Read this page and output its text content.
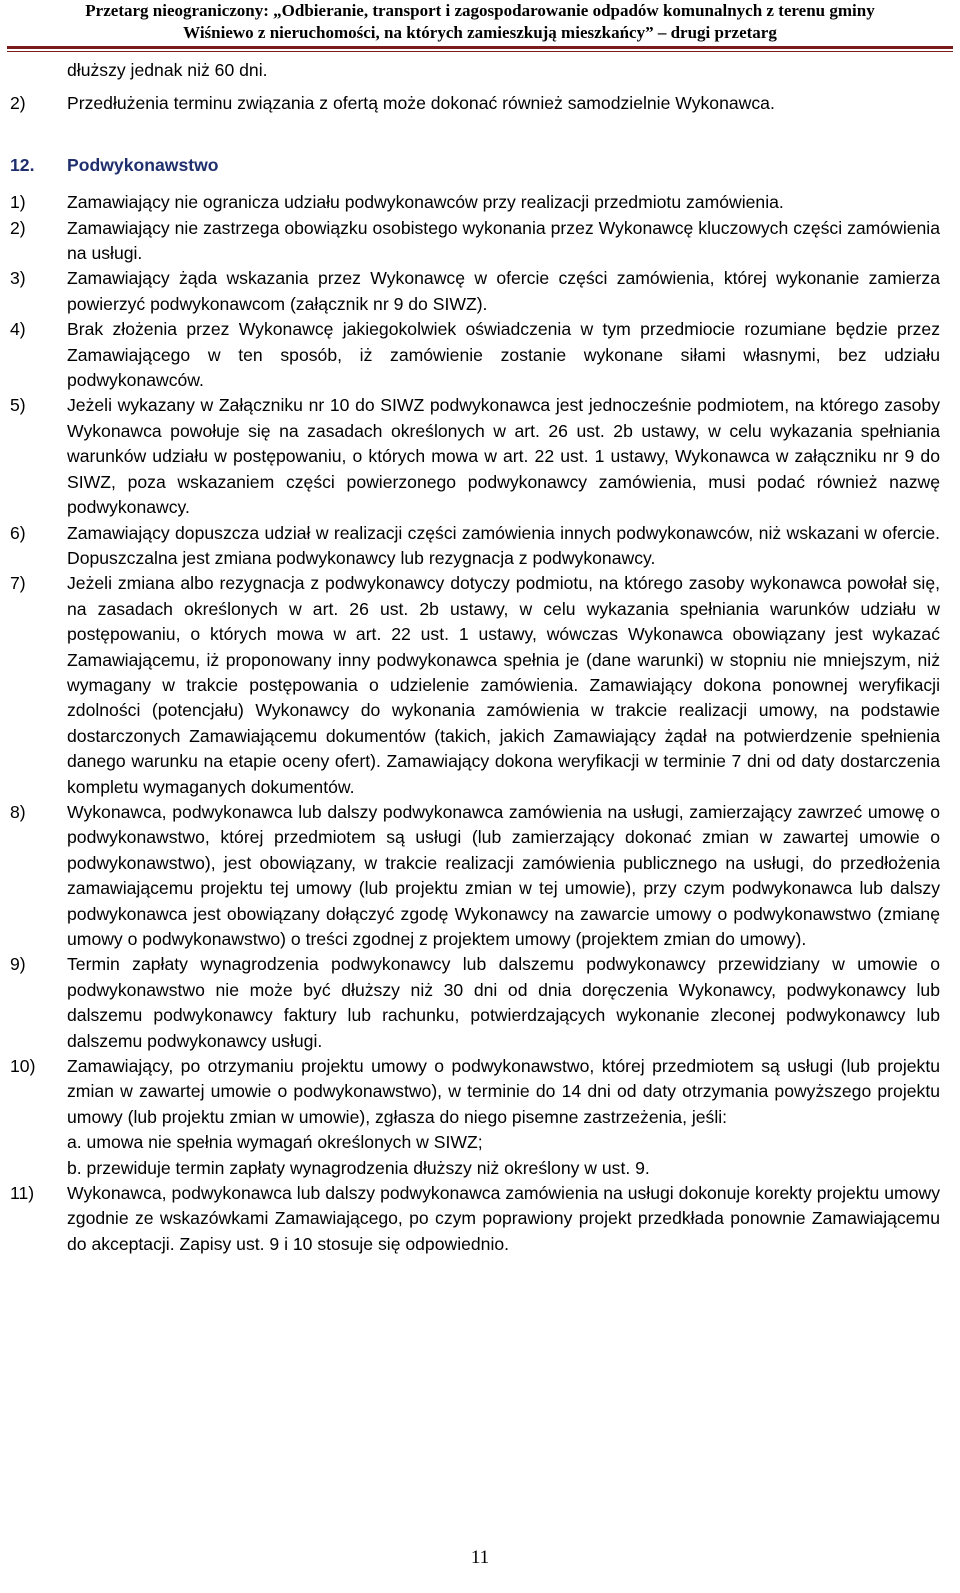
Przetarg nieograniczony: „Odbieranie, transport i zagospodarowanie odpadów komunalnych z terenu gminy
Wiśniewo z nieruchomości, na których zamieszkują mieszkańcy” – drugi przetarg

dłuższy jednak niż 60 dni.

2) Przedłużenia terminu związania z ofertą może dokonać również samodzielnie Wykonawca.

12. Podwykonawstwo

1) Zamawiający nie ogranicza udziału podwykonawców przy realizacji przedmiotu zamówienia.

2) Zamawiający nie zastrzega obowiązku osobistego wykonania przez Wykonawcę kluczowych części zamówienia na usługi.

3) Zamawiający żąda wskazania przez Wykonawcę w ofercie części zamówienia, której wykonanie zamierza powierzyć podwykonawcom (załącznik nr 9 do SIWZ).

4) Brak złożenia przez Wykonawcę jakiegokolwiek oświadczenia w tym przedmiocie rozumiane będzie przez Zamawiającego w ten sposób, iż zamówienie zostanie wykonane siłami własnymi, bez udziału podwykonawców.

5) Jeżeli wykazany w Załączniku nr 10 do SIWZ podwykonawca jest jednocześnie podmiotem, na którego zasoby Wykonawca powołuje się na zasadach określonych w art. 26 ust. 2b ustawy, w celu wykazania spełniania warunków udziału w postępowaniu, o których mowa w art. 22 ust. 1 ustawy, Wykonawca w załączniku nr 9 do SIWZ, poza wskazaniem części powierzonego podwykonawcy zamówienia, musi podać również nazwę podwykonawcy.

6) Zamawiający dopuszcza udział w realizacji części zamówienia innych podwykonawców, niż wskazani w ofercie. Dopuszczalna jest zmiana podwykonawcy lub rezygnacja z podwykonawcy.

7) Jeżeli zmiana albo rezygnacja z podwykonawcy dotyczy podmiotu, na którego zasoby wykonawca powołał się, na zasadach określonych w art. 26 ust. 2b ustawy, w celu wykazania spełniania warunków udziału w postępowaniu, o których mowa w art. 22 ust. 1 ustawy, wówczas Wykonawca obowiązany jest wykazać Zamawiającemu, iż proponowany inny podwykonawca spełnia je (dane warunki) w stopniu nie mniejszym, niż wymagany w trakcie postępowania o udzielenie zamówienia. Zamawiający dokona ponownej weryfikacji zdolności (potencjału) Wykonawcy do wykonania zamówienia w trakcie realizacji umowy, na podstawie dostarczonych Zamawiającemu dokumentów (takich, jakich Zamawiający żądał na potwierdzenie spełnienia danego warunku na etapie oceny ofert). Zamawiający dokona weryfikacji w terminie 7 dni od daty dostarczenia kompletu wymaganych dokumentów.

8) Wykonawca, podwykonawca lub dalszy podwykonawca zamówienia na usługi, zamierzający zawrzeć umowę o podwykonawstwo, której przedmiotem są usługi (lub zamierzający dokonać zmian w zawartej umowie o podwykonawstwo), jest obowiązany, w trakcie realizacji zamówienia publicznego na usługi, do przedłożenia zamawiającemu projektu tej umowy (lub projektu zmian w tej umowie), przy czym podwykonawca lub dalszy podwykonawca jest obowiązany dołączyć zgodę Wykonawcy na zawarcie umowy o podwykonawstwo (zmianę umowy o podwykonawstwo) o treści zgodnej z projektem umowy (projektem zmian do umowy).

9) Termin zapłaty wynagrodzenia podwykonawcy lub dalszemu podwykonawcy przewidziany w umowie o podwykonawstwo nie może być dłuższy niż 30 dni od dnia doręczenia Wykonawcy, podwykonawcy lub dalszemu podwykonawcy faktury lub rachunku, potwierdzających wykonanie zleconej podwykonawcy lub dalszemu podwykonawcy usługi.

10) Zamawiający, po otrzymaniu projektu umowy o podwykonawstwo, której przedmiotem są usługi (lub projektu zmian w zawartej umowie o podwykonawstwo), w terminie do 14 dni od daty otrzymania powyższego projektu umowy (lub projektu zmian w umowie), zgłasza do niego pisemne zastrzeżenia, jeśli:

a. umowa nie spełnia wymagań określonych w SIWZ;

b. przewiduje termin zapłaty wynagrodzenia dłuższy niż określony w ust. 9.

11) Wykonawca, podwykonawca lub dalszy podwykonawca zamówienia na usługi dokonuje korekty projektu umowy zgodnie ze wskazówkami Zamawiającego, po czym poprawiony projekt przedkłada ponownie Zamawiającemu do akceptacji. Zapisy ust. 9 i 10 stosuje się odpowiednio.

11
